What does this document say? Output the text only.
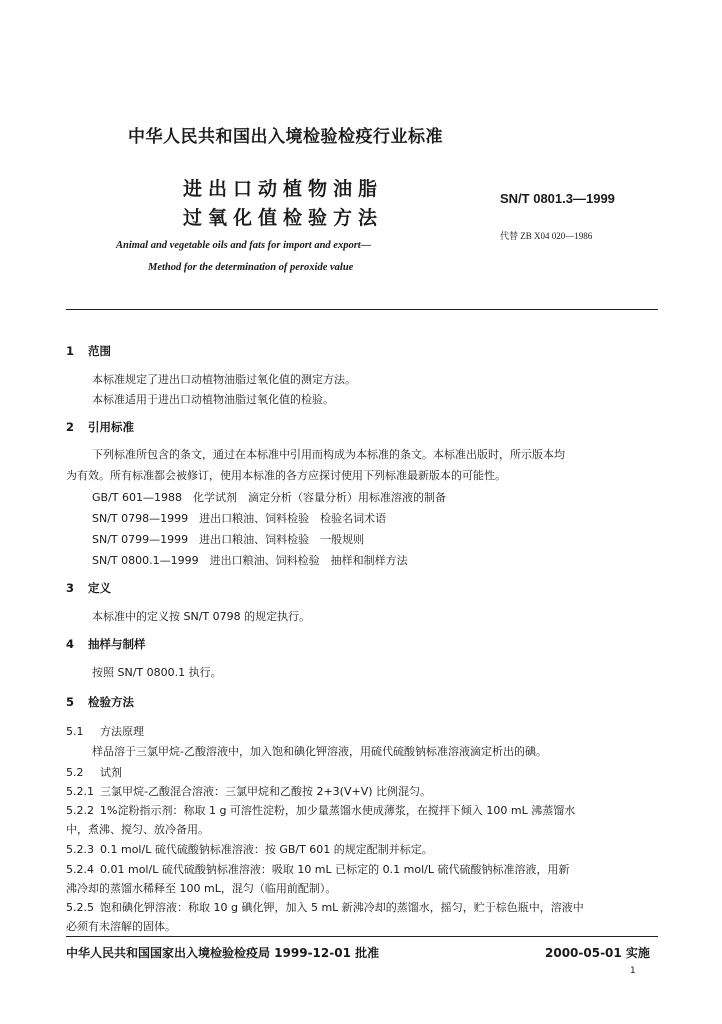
中华人民共和国出入境检验检疫行业标准
进出口动植物油脂
过氧化值检验方法
SN/T 0801.3—1999
代替 ZB X04 020—1986
Animal and vegetable oils and fats for import and export—
Method for the determination of peroxide value
1 范围
本标准规定了进出口动植物油脂过氧化值的测定方法。
本标准适用于进出口动植物油脂过氧化值的检验。
2 引用标准
下列标准所包含的条文，通过在本标准中引用而构成为本标准的条文。本标准出版时，所示版本均
为有效。所有标准都会被修订，使用本标准的各方应探讨使用下列标准最新版本的可能性。
GB/T 601—1988　化学试剂　滴定分析（容量分析）用标准溶液的制备
SN/T 0798—1999　进出口粮油、饲料检验　检验名词术语
SN/T 0799—1999　进出口粮油、饲料检验　一般规则
SN/T 0800.1—1999　进出口粮油、饲料检验　抽样和制样方法
3 定义
本标准中的定义按 SN/T 0798 的规定执行。
4 抽样与制样
按照 SN/T 0800.1 执行。
5 检验方法
5.1 方法原理
样品溶于三氯甲烷-乙酸溶液中，加入饱和碘化钾溶液，用硫代硫酸钠标准溶液滴定析出的碘。
5.2 试剂
5.2.1 三氯甲烷-乙酸混合溶液：三氯甲烷和乙酸按 2+3(V+V) 比例混匀。
5.2.2 1%淀粉指示剂：称取 1 g 可溶性淀粉，加少量蒸馏水使成薄浆，在搅拌下倾入 100 mL 沸蒸馏水
中，煮沸、搅匀、放冷备用。
5.2.3 0.1 mol/L 硫代硫酸钠标准溶液：按 GB/T 601 的规定配制并标定。
5.2.4 0.01 mol/L 硫代硫酸钠标准溶液：吸取 10 mL 已标定的 0.1 mol/L 硫代硫酸钠标准溶液，用新
沸冷却的蒸馏水稀释至 100 mL，混匀（临用前配制）。
5.2.5 饱和碘化钾溶液：称取 10 g 碘化钾，加入 5 mL 新沸冷却的蒸馏水，摇匀，贮于棕色瓶中，溶液中
必须有未溶解的固体。
中华人民共和国国家出入境检验检疫局 1999-12-01 批准	2000-05-01 实施
1
